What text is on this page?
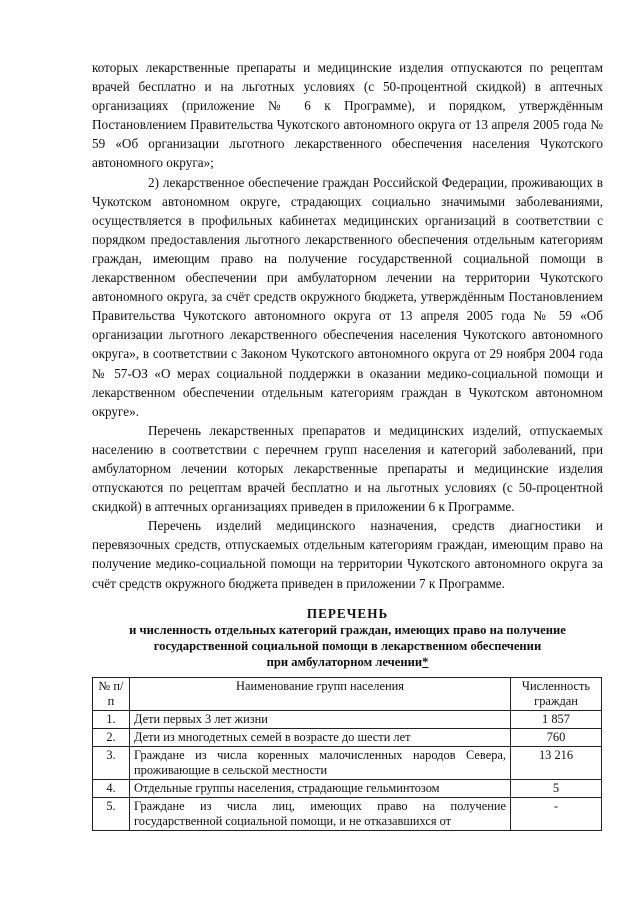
которых лекарственные препараты и медицинские изделия отпускаются по рецептам врачей бесплатно и на льготных условиях (с 50-процентной скидкой) в аптечных организациях (приложение № 6 к Программе), и порядком, утверждённым Постановлением Правительства Чукотского автономного округа от 13 апреля 2005 года № 59 «Об организации льготного лекарственного обеспечения населения Чукотского автономного округа»;

2) лекарственное обеспечение граждан Российской Федерации, проживающих в Чукотском автономном округе, страдающих социально значимыми заболеваниями, осуществляется в профильных кабинетах медицинских организаций в соответствии с порядком предоставления льготного лекарственного обеспечения отдельным категориям граждан, имеющим право на получение государственной социальной помощи в лекарственном обеспечении при амбулаторном лечении на территории Чукотского автономного округа, за счёт средств окружного бюджета, утверждённым Постановлением Правительства Чукотского автономного округа от 13 апреля 2005 года № 59 «Об организации льготного лекарственного обеспечения населения Чукотского автономного округа», в соответствии с Законом Чукотского автономного округа от 29 ноября 2004 года № 57-ОЗ «О мерах социальной поддержки в оказании медико-социальной помощи и лекарственном обеспечении отдельным категориям граждан в Чукотском автономном округе».

Перечень лекарственных препаратов и медицинских изделий, отпускаемых населению в соответствии с перечнем групп населения и категорий заболеваний, при амбулаторном лечении которых лекарственные препараты и медицинские изделия отпускаются по рецептам врачей бесплатно и на льготных условиях (с 50-процентной скидкой) в аптечных организациях приведен в приложении 6 к Программе.

Перечень изделий медицинского назначения, средств диагностики и перевязочных средств, отпускаемых отдельным категориям граждан, имеющим право на получение медико-социальной помощи на территории Чукотского автономного округа за счёт средств окружного бюджета приведен в приложении 7 к Программе.

ПЕРЕЧЕНЬ

и численность отдельных категорий граждан, имеющих право на получение

государственной социальной помощи в лекарственном обеспечении

при амбулаторном лечении*

№ п/п	Наименование групп населения	Численность граждан
1.	Дети первых 3 лет жизни	1 857
2.	Дети из многодетных семей в возрасте до шести лет	760
3.	Граждане из числа коренных малочисленных народов Севера, проживающие в сельской местности	13 216
4.	Отдельные группы населения, страдающие гельминтозом	5
5.	Граждане из числа лиц, имеющих право на получение государственной социальной помощи, и не отказавшихся от	-
